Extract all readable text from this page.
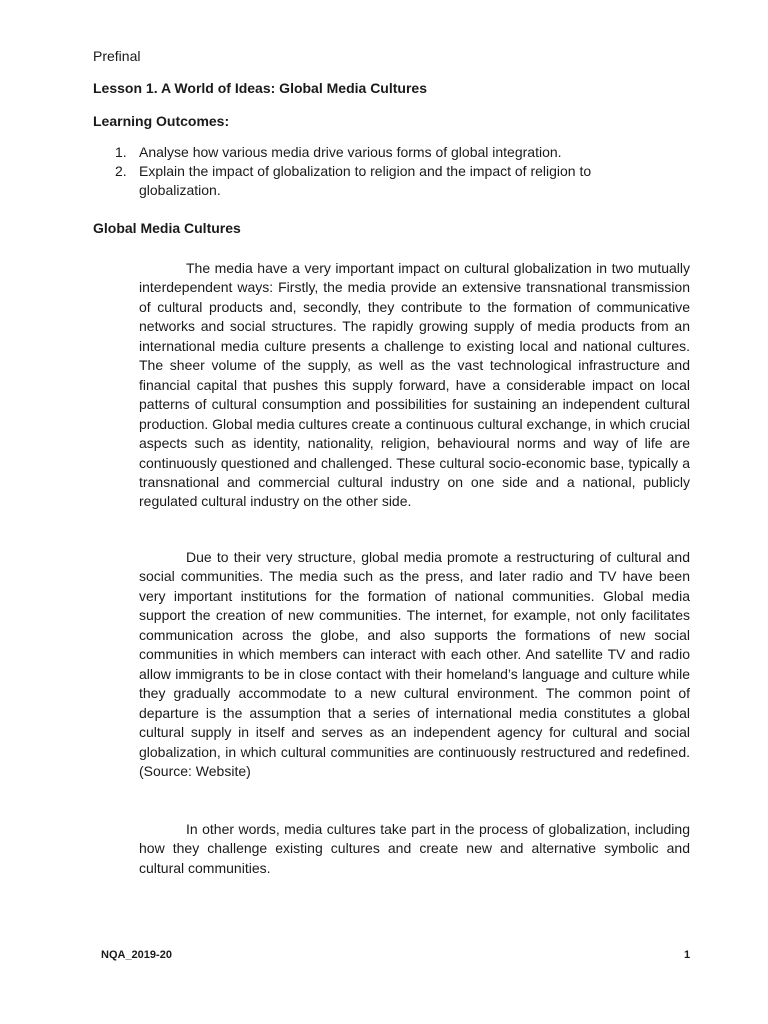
Prefinal
Lesson 1. A World of Ideas: Global Media Cultures
Learning Outcomes:
1. Analyse how various media drive various forms of global integration.
2. Explain the impact of globalization to religion and the impact of religion to globalization.
Global Media Cultures

The media have a very important impact on cultural globalization in two mutually interdependent ways: Firstly, the media provide an extensive transnational transmission of cultural products and, secondly, they contribute to the formation of communicative networks and social structures. The rapidly growing supply of media products from an international media culture presents a challenge to existing local and national cultures. The sheer volume of the supply, as well as the vast technological infrastructure and financial capital that pushes this supply forward, have a considerable impact on local patterns of cultural consumption and possibilities for sustaining an independent cultural production. Global media cultures create a continuous cultural exchange, in which crucial aspects such as identity, nationality, religion, behavioural norms and way of life are continuously questioned and challenged. These cultural socio-economic base, typically a transnational and commercial cultural industry on one side and a national, publicly regulated cultural industry on the other side.

Due to their very structure, global media promote a restructuring of cultural and social communities. The media such as the press, and later radio and TV have been very important institutions for the formation of national communities. Global media support the creation of new communities. The internet, for example, not only facilitates communication across the globe, and also supports the formations of new social communities in which members can interact with each other. And satellite TV and radio allow immigrants to be in close contact with their homeland’s language and culture while they gradually accommodate to a new cultural environment. The common point of departure is the assumption that a series of international media constitutes a global cultural supply in itself and serves as an independent agency for cultural and social globalization, in which cultural communities are continuously restructured and redefined. (Source: Website)

In other words, media cultures take part in the process of globalization, including how they challenge existing cultures and create new and alternative symbolic and cultural communities.

NQA_2019-20	1
